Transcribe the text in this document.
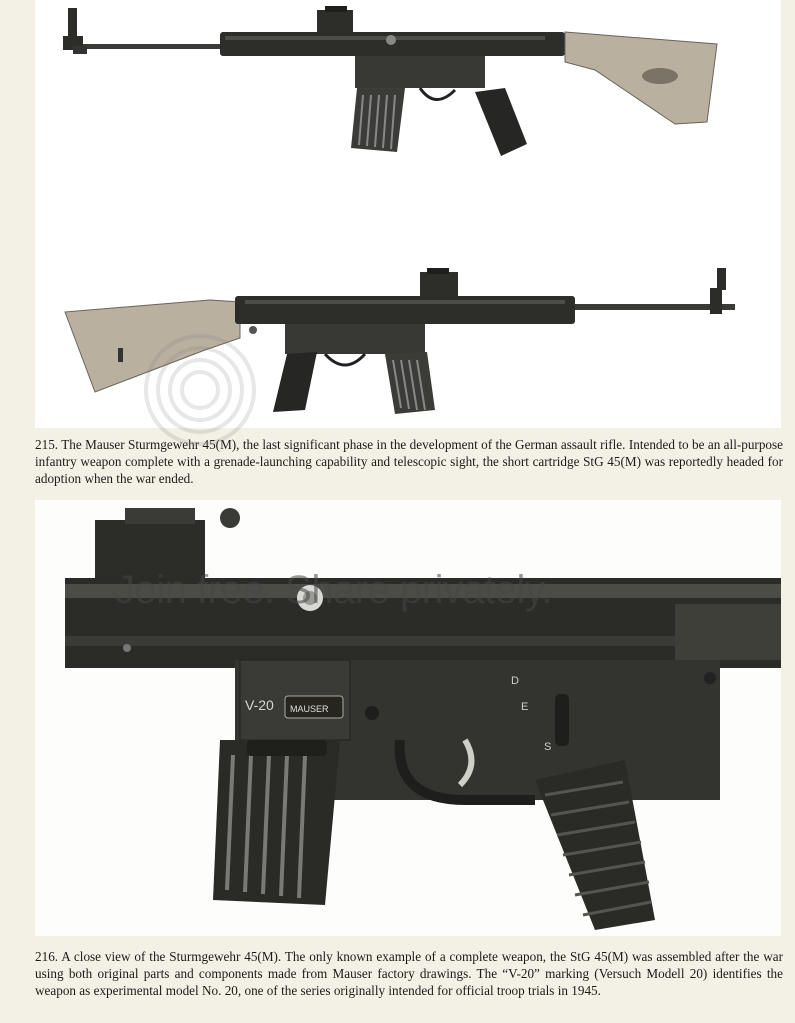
215. The Mauser Sturmgewehr 45(M), the last significant phase in the development of the German assault rifle. Intended to be an all-purpose infantry weapon complete with a grenade-launching capability and telescopic sight, the short cartridge StG 45(M) was reportedly headed for adoption when the war ended.
V-20 MAUSER
D
E
S
216. A close view of the Sturmgewehr 45(M). The only known example of a complete weapon, the StG 45(M) was assembled after the war using both original parts and components made from Mauser factory drawings. The “V-20” marking (Versuch Modell 20) identifies the weapon as experimental model No. 20, one of the series originally intended for official troop trials in 1945.
Join free. Share privately.
